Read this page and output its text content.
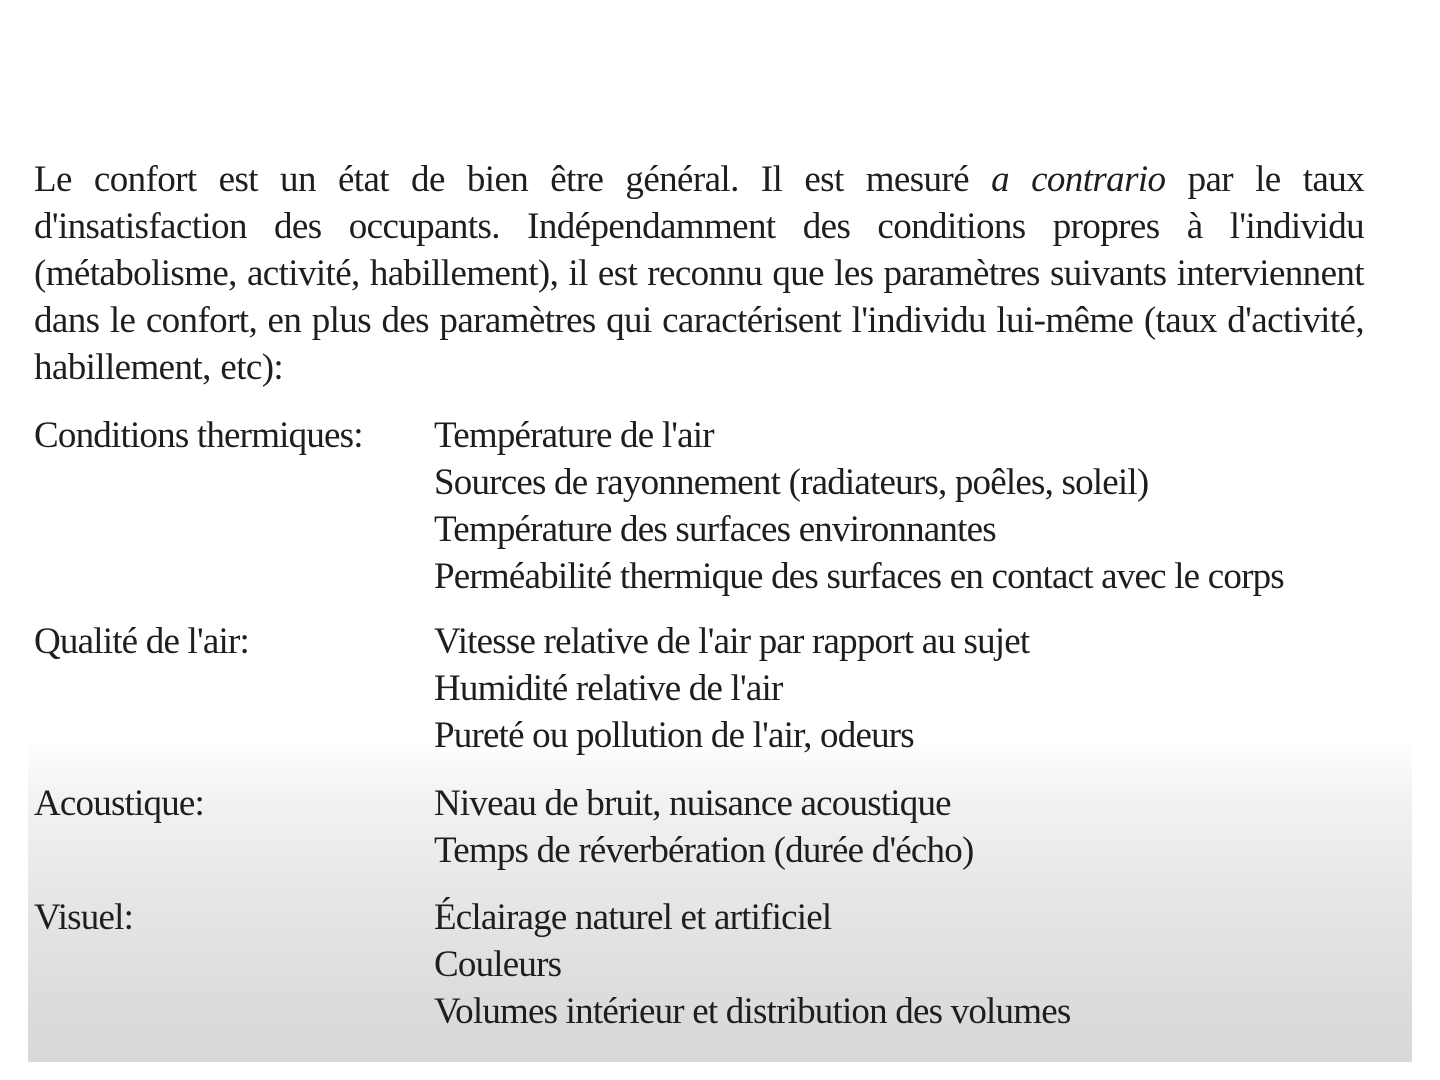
Le confort est un état de bien être général. Il est mesuré a contrario par le taux d'insatisfaction des occupants. Indépendamment des conditions propres à l'individu (métabolisme, activité, habillement), il est reconnu que les paramètres suivants interviennent dans le confort, en plus des paramètres qui caractérisent l'individu lui-même (taux d'activité, habillement, etc):

Conditions thermiques: Température de l'air
Sources de rayonnement (radiateurs, poêles, soleil)
Température des surfaces environnantes
Perméabilité thermique des surfaces en contact avec le corps
Qualité de l'air:	Vitesse relative de l'air par rapport au sujet
Humidité relative de l'air
Pureté ou pollution de l'air, odeurs
Acoustique:	Niveau de bruit, nuisance acoustique
Temps de réverbération (durée d'écho)
Visuel:	Éclairage naturel et artificiel
Couleurs
Volumes intérieur et distribution des volumes
